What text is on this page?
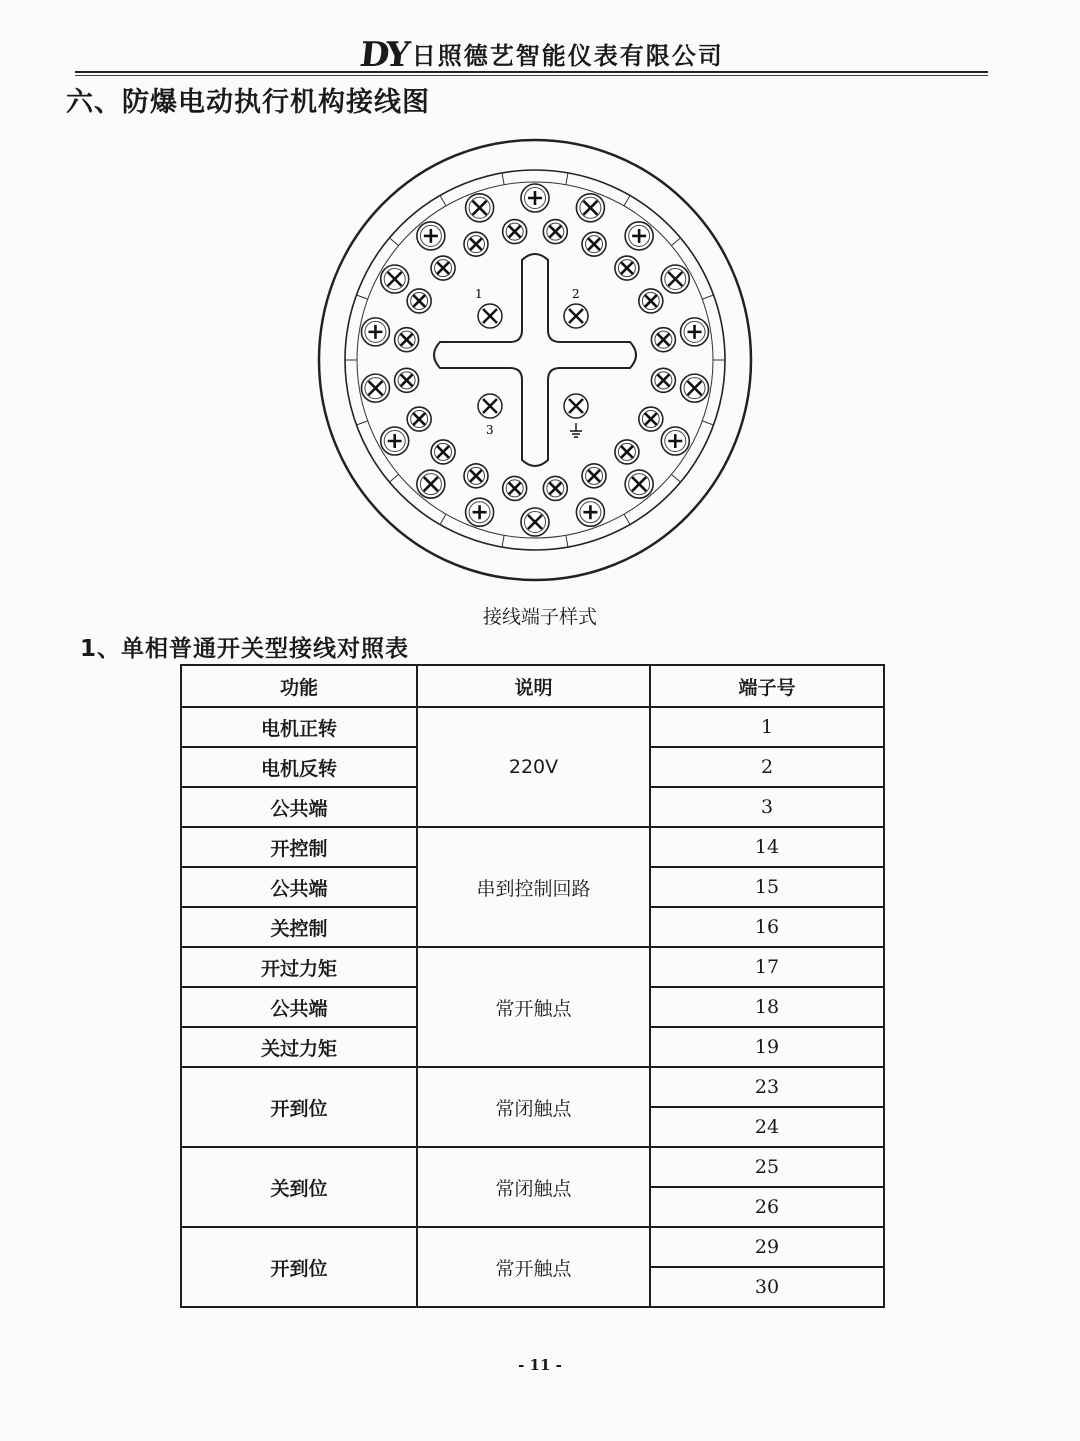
DY 日照德艺智能仪表有限公司
六、防爆电动执行机构接线图
1	2
3
接线端子样式
1、单相普通开关型接线对照表
功能	说明	端子号
电机正转	220V	1
电机反转		2
公共端		3
开控制	串到控制回路	14
公共端		15
关控制		16
开过力矩	常开触点	17
公共端		18
关过力矩		19
开到位	常闭触点	23
		24
关到位	常闭触点	25
		26
开到位	常开触点	29
		30
- 11 -
